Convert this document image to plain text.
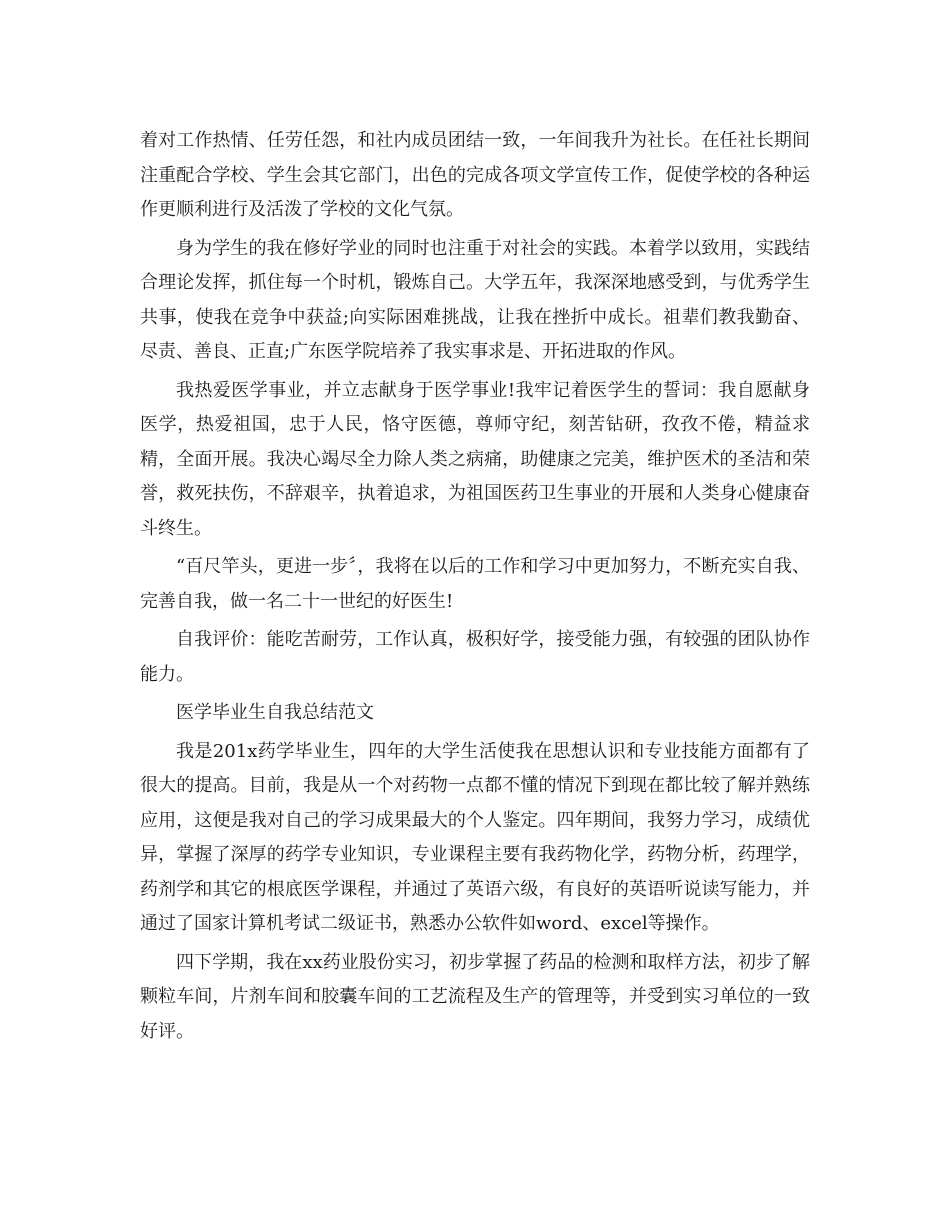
着对工作热情、任劳任怨，和社内成员团结一致，一年间我升为社长。在任社长期间注重配合学校、学生会其它部门，出色的完成各项文学宣传工作，促使学校的各种运作更顺利进行及活泼了学校的文化气氛。

身为学生的我在修好学业的同时也注重于对社会的实践。本着学以致用，实践结合理论发挥，抓住每一个时机，锻炼自己。大学五年，我深深地感受到，与优秀学生共事，使我在竞争中获益;向实际困难挑战，让我在挫折中成长。祖辈们教我勤奋、尽责、善良、正直;广东医学院培养了我实事求是、开拓进取的作风。

我热爱医学事业，并立志献身于医学事业!我牢记着医学生的誓词：我自愿献身医学，热爱祖国，忠于人民，恪守医德，尊师守纪，刻苦钻研，孜孜不倦，精益求精，全面开展。我决心竭尽全力除人类之病痛，助健康之完美，维护医术的圣洁和荣誉，救死扶伤，不辞艰辛，执着追求，为祖国医药卫生事业的开展和人类身心健康奋斗终生。

“百尺竿头，更进一步〞，我将在以后的工作和学习中更加努力，不断充实自我、完善自我，做一名二十一世纪的好医生!

自我评价：能吃苦耐劳，工作认真，极积好学，接受能力强，有较强的团队协作能力。

医学毕业生自我总结范文

我是201x药学毕业生，四年的大学生活使我在思想认识和专业技能方面都有了很大的提高。目前，我是从一个对药物一点都不懂的情况下到现在都比较了解并熟练应用，这便是我对自己的学习成果最大的个人鉴定。四年期间，我努力学习，成绩优异，掌握了深厚的药学专业知识，专业课程主要有我药物化学，药物分析，药理学，药剂学和其它的根底医学课程，并通过了英语六级，有良好的英语听说读写能力，并通过了国家计算机考试二级证书，熟悉办公软件如word、excel等操作。

四下学期，我在xx药业股份实习，初步掌握了药品的检测和取样方法，初步了解颗粒车间，片剂车间和胶囊车间的工艺流程及生产的管理等，并受到实习单位的一致好评。
